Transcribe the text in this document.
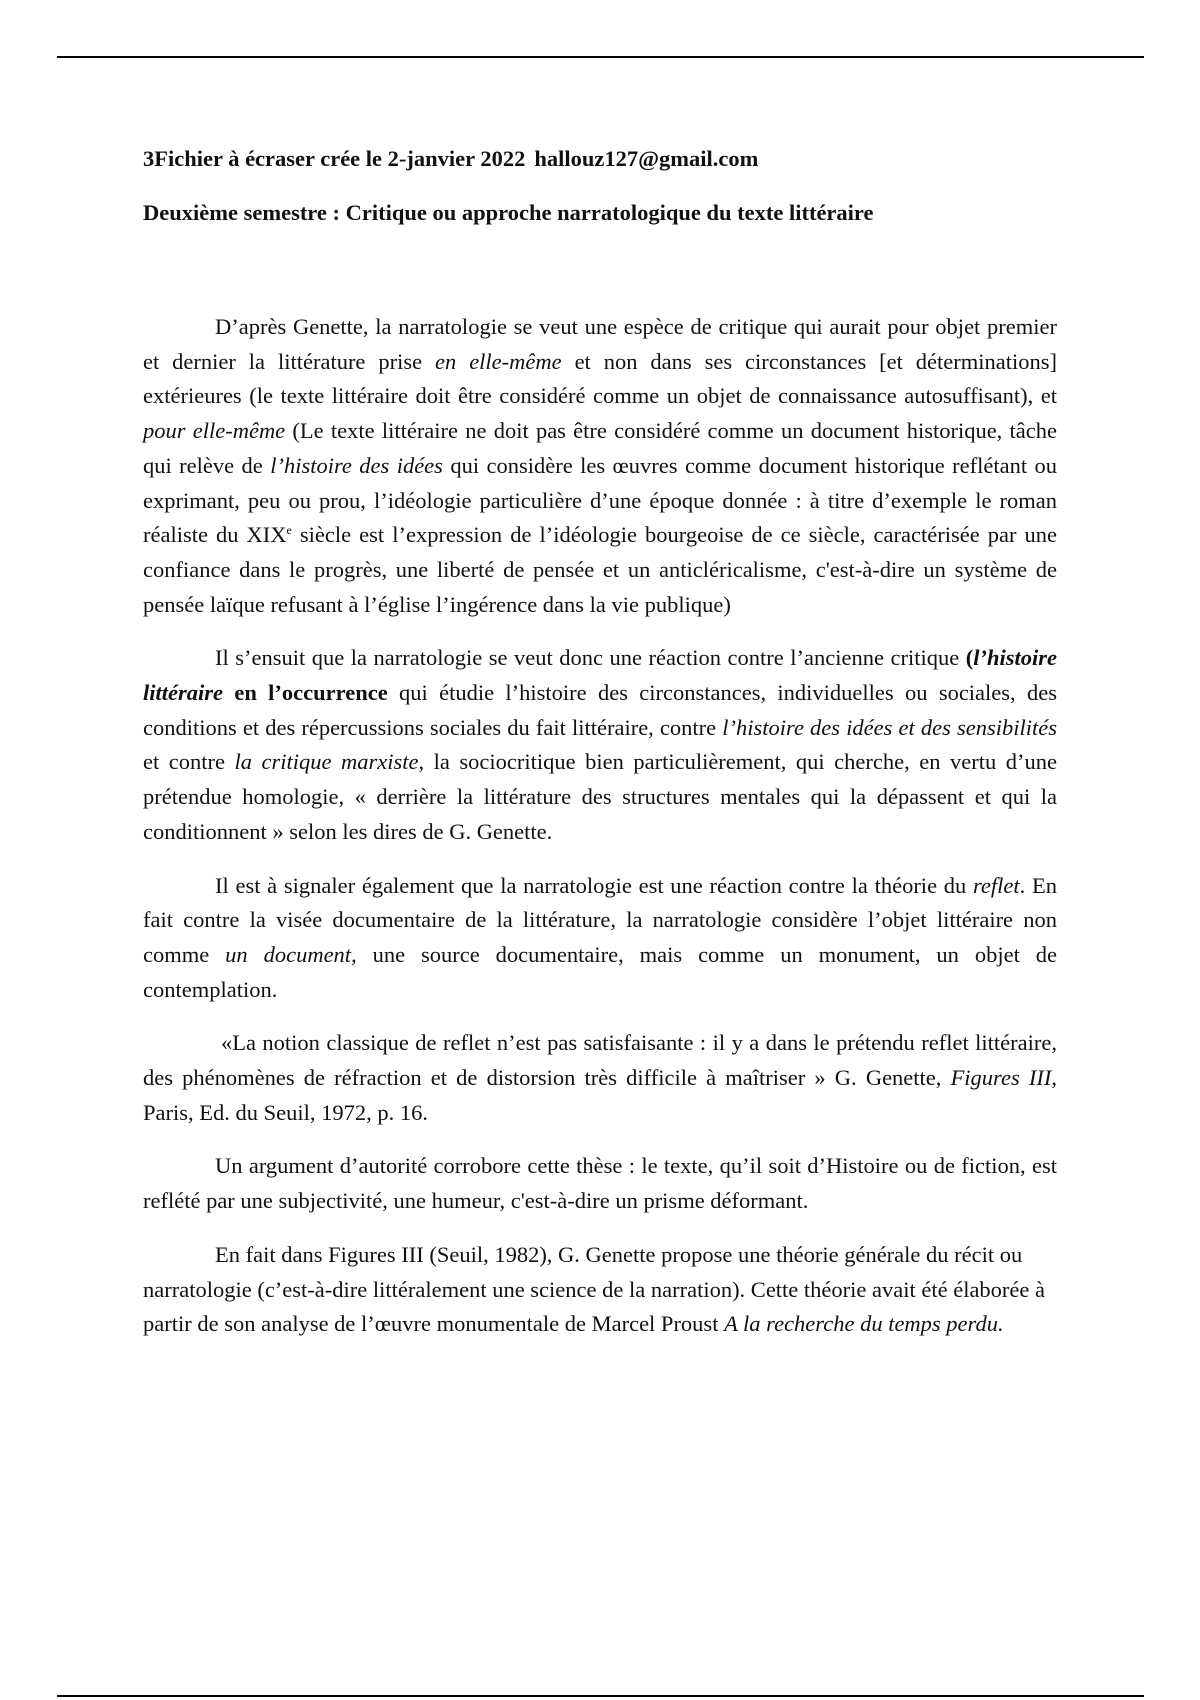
3Fichier à écraser crée le 2-janvier 2022 hallouz127@gmail.com

Deuxième semestre : Critique ou approche narratologique du texte littéraire

D’après Genette, la narratologie se veut une espèce de critique qui aurait pour objet premier et dernier la littérature prise en elle-même et non dans ses circonstances [et déterminations] extérieures (le texte littéraire doit être considéré comme un objet de connaissance autosuffisant), et pour elle-même (Le texte littéraire ne doit pas être considéré comme un document historique, tâche qui relève de l’histoire des idées qui considère les œuvres comme document historique reflétant ou exprimant, peu ou prou, l’idéologie particulière d’une époque donnée : à titre d’exemple le roman réaliste du XIXe siècle est l’expression de l’idéologie bourgeoise de ce siècle, caractérisée par une confiance dans le progrès, une liberté de pensée et un anticléricalisme, c'est-à-dire un système de pensée laïque refusant à l’église l’ingérence dans la vie publique)

Il s’ensuit que la narratologie se veut donc une réaction contre l’ancienne critique (l’histoire littéraire en l’occurrence qui étudie l’histoire des circonstances, individuelles ou sociales, des conditions et des répercussions sociales du fait littéraire, contre l’histoire des idées et des sensibilités et contre la critique marxiste, la sociocritique bien particulièrement, qui cherche, en vertu d’une prétendue homologie, « derrière la littérature des structures mentales qui la dépassent et qui la conditionnent » selon les dires de G. Genette.

Il est à signaler également que la narratologie est une réaction contre la théorie du reflet. En fait contre la visée documentaire de la littérature, la narratologie considère l’objet littéraire non comme un document, une source documentaire, mais comme un monument, un objet de contemplation.

«La notion classique de reflet n’est pas satisfaisante : il y a dans le prétendu reflet littéraire, des phénomènes de réfraction et de distorsion très difficile à maîtriser » G. Genette, Figures III, Paris, Ed. du Seuil, 1972, p. 16.

Un argument d’autorité corrobore cette thèse : le texte, qu’il soit d’Histoire ou de fiction, est reflété par une subjectivité, une humeur, c'est-à-dire un prisme déformant.

En fait dans Figures III (Seuil, 1982), G. Genette propose une théorie générale du récit ou narratologie (c’est-à-dire littéralement une science de la narration). Cette théorie avait été élaborée à partir de son analyse de l’œuvre monumentale de Marcel Proust A la recherche du temps perdu.
